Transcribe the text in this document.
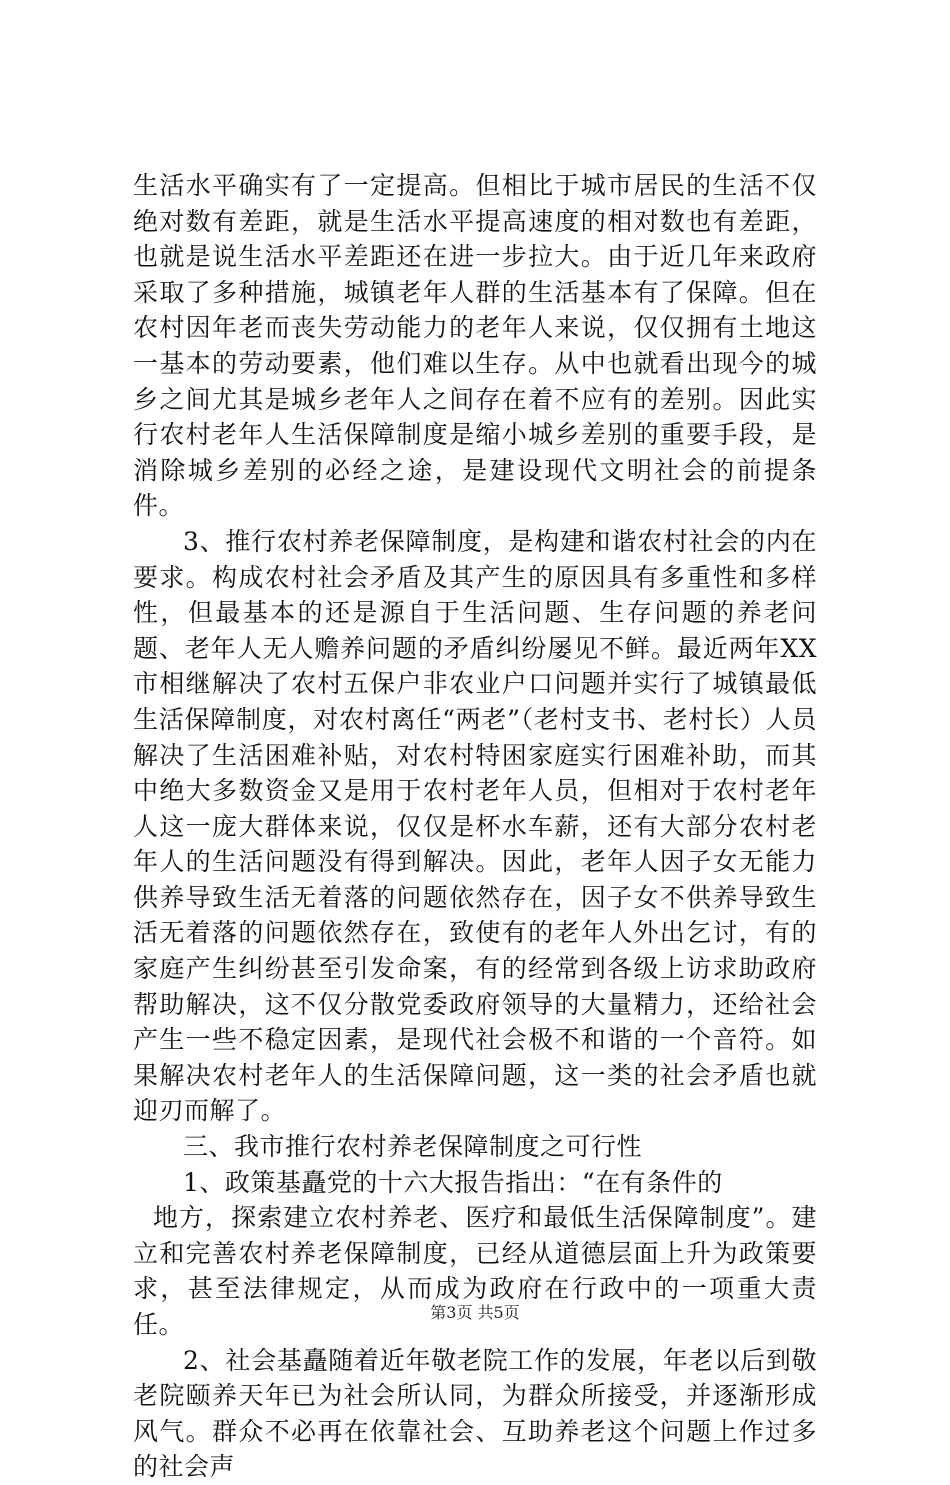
生活水平确实有了一定提高。但相比于城市居民的生活不仅绝对数有差距，就是生活水平提高速度的相对数也有差距，也就是说生活水平差距还在进一步拉大。由于近几年来政府采取了多种措施，城镇老年人群的生活基本有了保障。但在农村因年老而丧失劳动能力的老年人来说，仅仅拥有土地这一基本的劳动要素，他们难以生存。从中也就看出现今的城乡之间尤其是城乡老年人之间存在着不应有的差别。因此实行农村老年人生活保障制度是缩小城乡差别的重要手段，是消除城乡差别的必经之途，是建设现代文明社会的前提条件。

3、推行农村养老保障制度，是构建和谐农村社会的内在要求。构成农村社会矛盾及其产生的原因具有多重性和多样性，但最基本的还是源自于生活问题、生存问题的养老问题、老年人无人赡养问题的矛盾纠纷屡见不鲜。最近两年XX市相继解决了农村五保户非农业户口问题并实行了城镇最低生活保障制度，对农村离任“两老”（老村支书、老村长）人员解决了生活困难补贴，对农村特困家庭实行困难补助，而其中绝大多数资金又是用于农村老年人员，但相对于农村老年人这一庞大群体来说，仅仅是杯水车薪，还有大部分农村老年人的生活问题没有得到解决。因此，老年人因子女无能力供养导致生活无着落的问题依然存在，因子女不供养导致生活无着落的问题依然存在，致使有的老年人外出乞讨，有的家庭产生纠纷甚至引发命案，有的经常到各级上访求助政府帮助解决，这不仅分散党委政府领导的大量精力，还给社会产生一些不稳定因素，是现代社会极不和谐的一个音符。如果解决农村老年人的生活保障问题，这一类的社会矛盾也就迎刃而解了。

三、我市推行农村养老保障制度之可行性

1、政策基矗党的十六大报告指出：“在有条件的

地方，探索建立农村养老、医疗和最低生活保障制度”。建立和完善农村养老保障制度，已经从道德层面上升为政策要求，甚至法律规定，从而成为政府在行政中的一项重大责任。

2、社会基矗随着近年敬老院工作的发展，年老以后到敬老院颐养天年已为社会所认同，为群众所接受，并逐渐形成风气。群众不必再在依靠社会、互助养老这个问题上作过多的社会声

第3页 共5页
